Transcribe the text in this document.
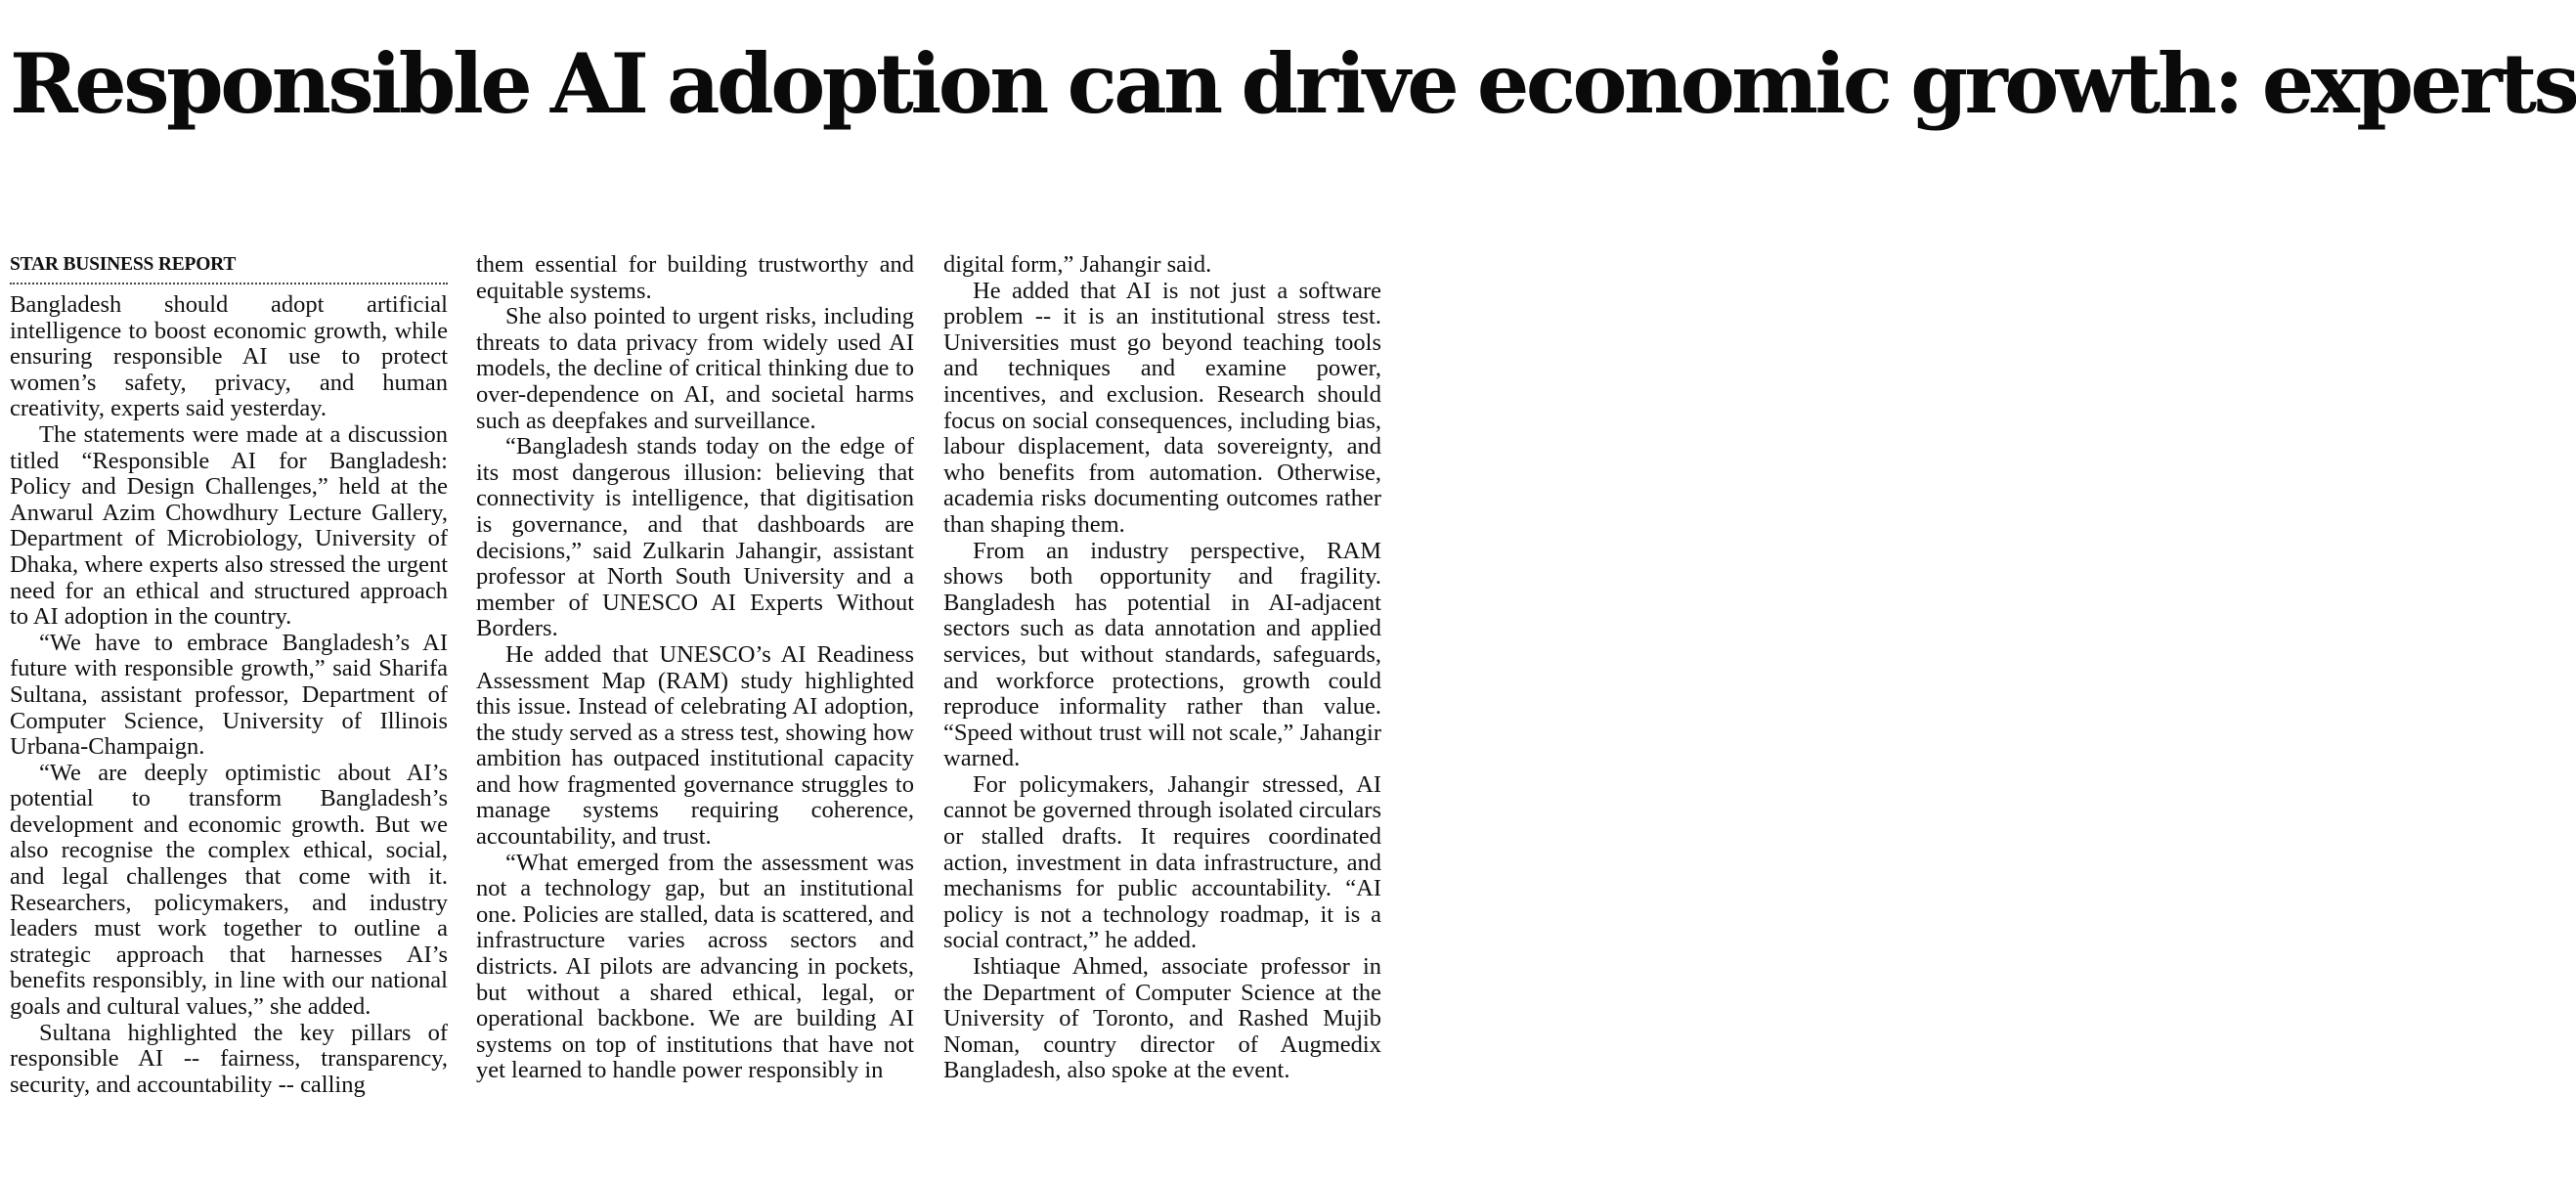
Responsible AI adoption can drive economic growth: experts
STAR BUSINESS REPORT

Bangladesh should adopt artificial intelligence to boost economic growth, while ensuring responsible AI use to protect women’s safety, privacy, and human creativity, experts said yesterday.

The statements were made at a discussion titled “Responsible AI for Bangladesh: Policy and Design Challenges,” held at the Anwarul Azim Chowdhury Lecture Gallery, Department of Microbiology, University of Dhaka, where experts also stressed the urgent need for an ethical and structured approach to AI adoption in the country.

“We have to embrace Bangladesh’s AI future with responsible growth,” said Sharifa Sultana, assistant professor, Department of Computer Science, University of Illinois Urbana-Champaign.

“We are deeply optimistic about AI’s potential to transform Bangladesh’s development and economic growth. But we also recognise the complex ethical, social, and legal challenges that come with it. Researchers, policymakers, and industry leaders must work together to outline a strategic approach that harnesses AI’s benefits responsibly, in line with our national goals and cultural values,” she added.

Sultana highlighted the key pillars of responsible AI -- fairness, transparency, security, and accountability -- calling

them essential for building trustworthy and equitable systems.

She also pointed to urgent risks, including threats to data privacy from widely used AI models, the decline of critical thinking due to over-dependence on AI, and societal harms such as deepfakes and surveillance.

“Bangladesh stands today on the edge of its most dangerous illusion: believing that connectivity is intelligence, that digitisation is governance, and that dashboards are decisions,” said Zulkarin Jahangir, assistant professor at North South University and a member of UNESCO AI Experts Without Borders.

He added that UNESCO’s AI Readiness Assessment Map (RAM) study highlighted this issue. Instead of celebrating AI adoption, the study served as a stress test, showing how ambition has outpaced institutional capacity and how fragmented governance struggles to manage systems requiring coherence, accountability, and trust.

“What emerged from the assessment was not a technology gap, but an institutional one. Policies are stalled, data is scattered, and infrastructure varies across sectors and districts. AI pilots are advancing in pockets, but without a shared ethical, legal, or operational backbone. We are building AI systems on top of institutions that have not yet learned to handle power responsibly in

digital form,” Jahangir said.

He added that AI is not just a software problem -- it is an institutional stress test. Universities must go beyond teaching tools and techniques and examine power, incentives, and exclusion. Research should focus on social consequences, including bias, labour displacement, data sovereignty, and who benefits from automation. Otherwise, academia risks documenting outcomes rather than shaping them.

From an industry perspective, RAM shows both opportunity and fragility. Bangladesh has potential in AI-adjacent sectors such as data annotation and applied services, but without standards, safeguards, and workforce protections, growth could reproduce informality rather than value. “Speed without trust will not scale,” Jahangir warned.

For policymakers, Jahangir stressed, AI cannot be governed through isolated circulars or stalled drafts. It requires coordinated action, investment in data infrastructure, and mechanisms for public accountability. “AI policy is not a technology roadmap, it is a social contract,” he added.

Ishtiaque Ahmed, associate professor in the Department of Computer Science at the University of Toronto, and Rashed Mujib Noman, country director of Augmedix Bangladesh, also spoke at the event.
